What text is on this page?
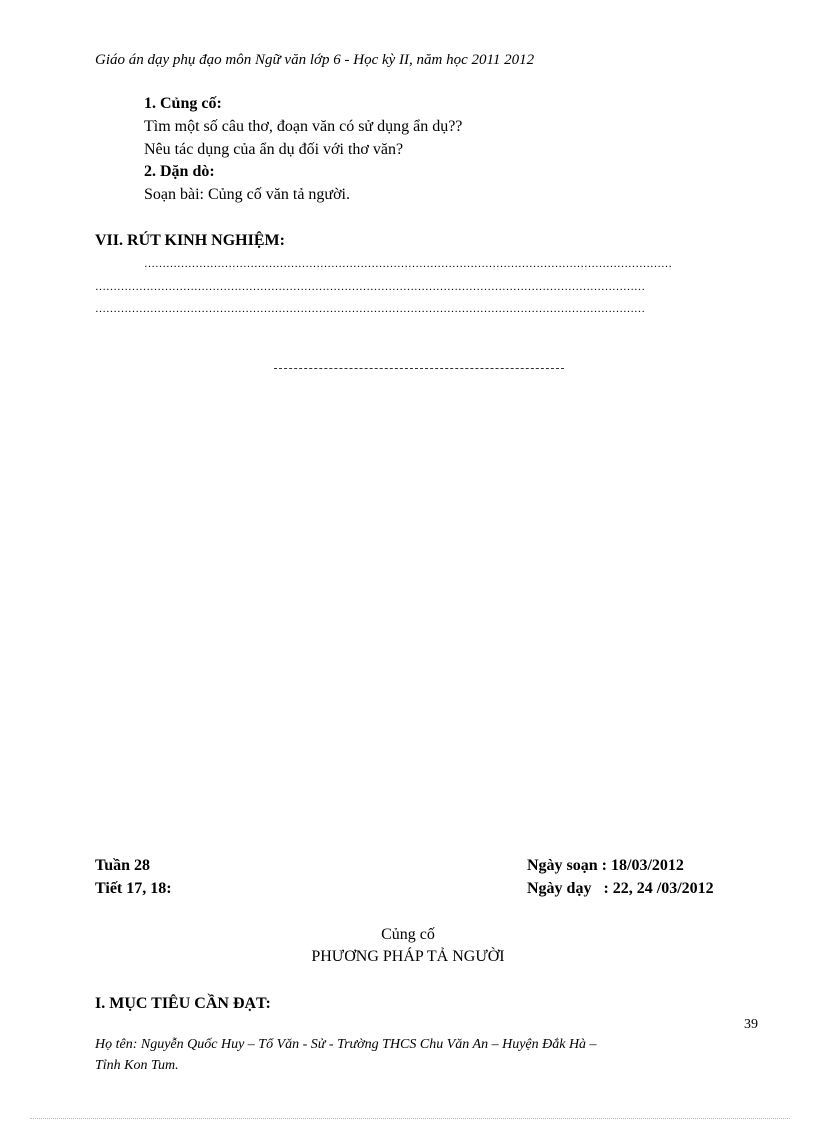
Giáo án dạy phụ đạo môn Ngữ văn lớp 6 - Học kỳ II, năm học 2011 2012
1. Củng cố:
Tìm một số câu thơ, đoạn văn có sử dụng ẩn dụ??
Nêu tác dụng của ẩn dụ đối với thơ văn?
2. Dặn dò:
Soạn bài: Củng cố văn tả người.
VII. RÚT KINH NGHIỆM:
………………………………………………………………………………………………………………………………
……………………………………………………………………………………………………………………………………
……………………………………………………………………………………………………………………………………
Tuần 28
Tiết 17, 18:
Ngày soạn : 18/03/2012
Ngày dạy   : 22, 24 /03/2012
Củng cố
PHƯƠNG PHÁP TẢ NGƯỜI
I. MỤC TIÊU CẦN ĐẠT:
39
Họ tên: Nguyễn Quốc Huy – Tổ Văn - Sử - Trường THCS Chu Văn An – Huyện Đắk Hà –
Tỉnh Kon Tum.
